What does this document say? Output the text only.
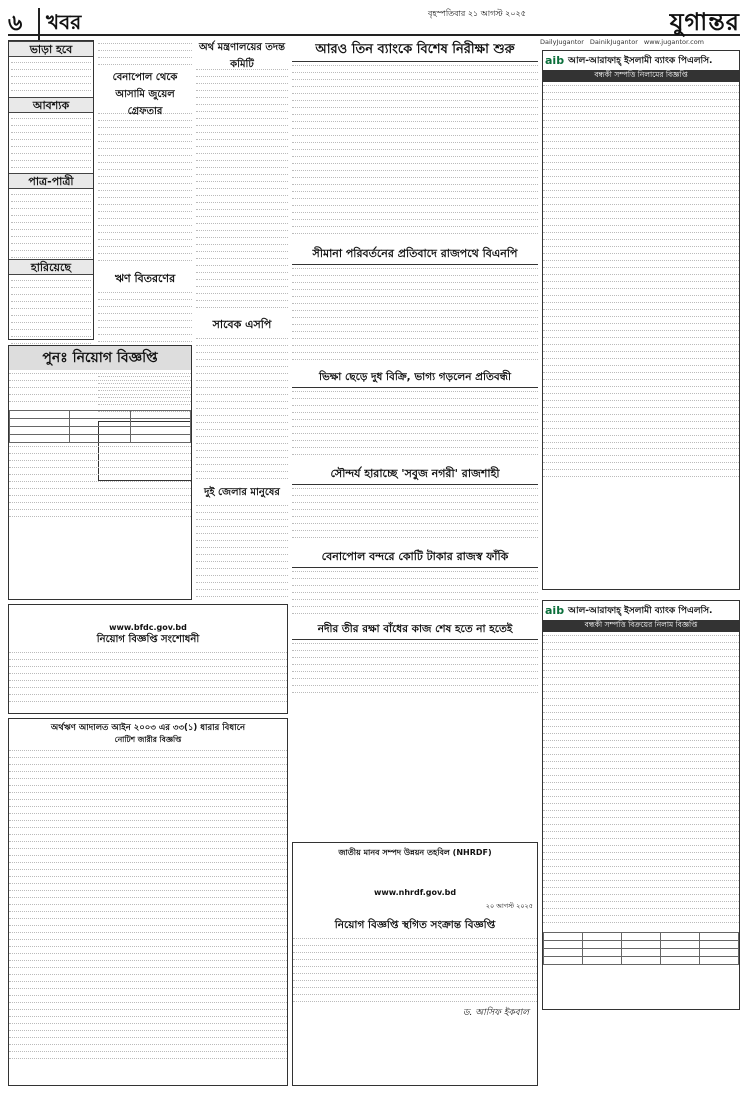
৬	খবর	বৃহস্পতিবার ২১ আগস্ট ২০২৫	যুগান্তর
DailyJugantor DainikJugantor www.jugantor.com
ভাড়া হবে
আবশ্যক
পাত্র-পাত্রী
হারিয়েছে
বেনাপোল থেকে আসামি জুয়েল গ্রেফতার
ঋণ বিতরণের
অর্থ মন্ত্রণালয়ের তদন্ত কমিটি
সাবেক এসপি
দুই জেলার মানুষের
আরও তিন ব্যাংকে বিশেষ নিরীক্ষা শুরু
সীমানা পরিবর্তনের প্রতিবাদে রাজপথে বিএনপি
ভিক্ষা ছেড়ে দুধ বিক্রি, ভাগ্য গড়লেন প্রতিবন্ধী
সৌন্দর্য হারাচ্ছে 'সবুজ নগরী' রাজশাহী
বেনাপোল বন্দরে কোটি টাকার রাজস্ব ফাঁকি
নদীর তীর রক্ষা বাঁধের কাজ শেষ হতে না হতেই
পুনঃ নিয়োগ বিজ্ঞপ্তি

www.bfdc.gov.bd
নিয়োগ বিজ্ঞপ্তি সংশোধনী
aib আল-আরাফাহ্ ইসলামী ব্যাংক পিএলসি.
বন্ধকী সম্পত্তি নিলামের বিজ্ঞপ্তি
aib আল-আরাফাহ্ ইসলামী ব্যাংক পিএলসি.
বন্ধকী সম্পত্তি বিক্রয়ের নিলাম বিজ্ঞপ্তি

অর্থঋণ আদালত আইন ২০০৩ এর ৩৩(১) ধারার বিধানে
নোটিশ জারীর বিজ্ঞপ্তি
জাতীয় মানব সম্পদ উন্নয়ন তহবিল (NHRDF)
www.nhrdf.gov.bd
২০ আগস্ট ২০২৫
নিয়োগ বিজ্ঞপ্তি স্থগিত সংক্রান্ত বিজ্ঞপ্তি
ড. আসিফ ইকবাল
